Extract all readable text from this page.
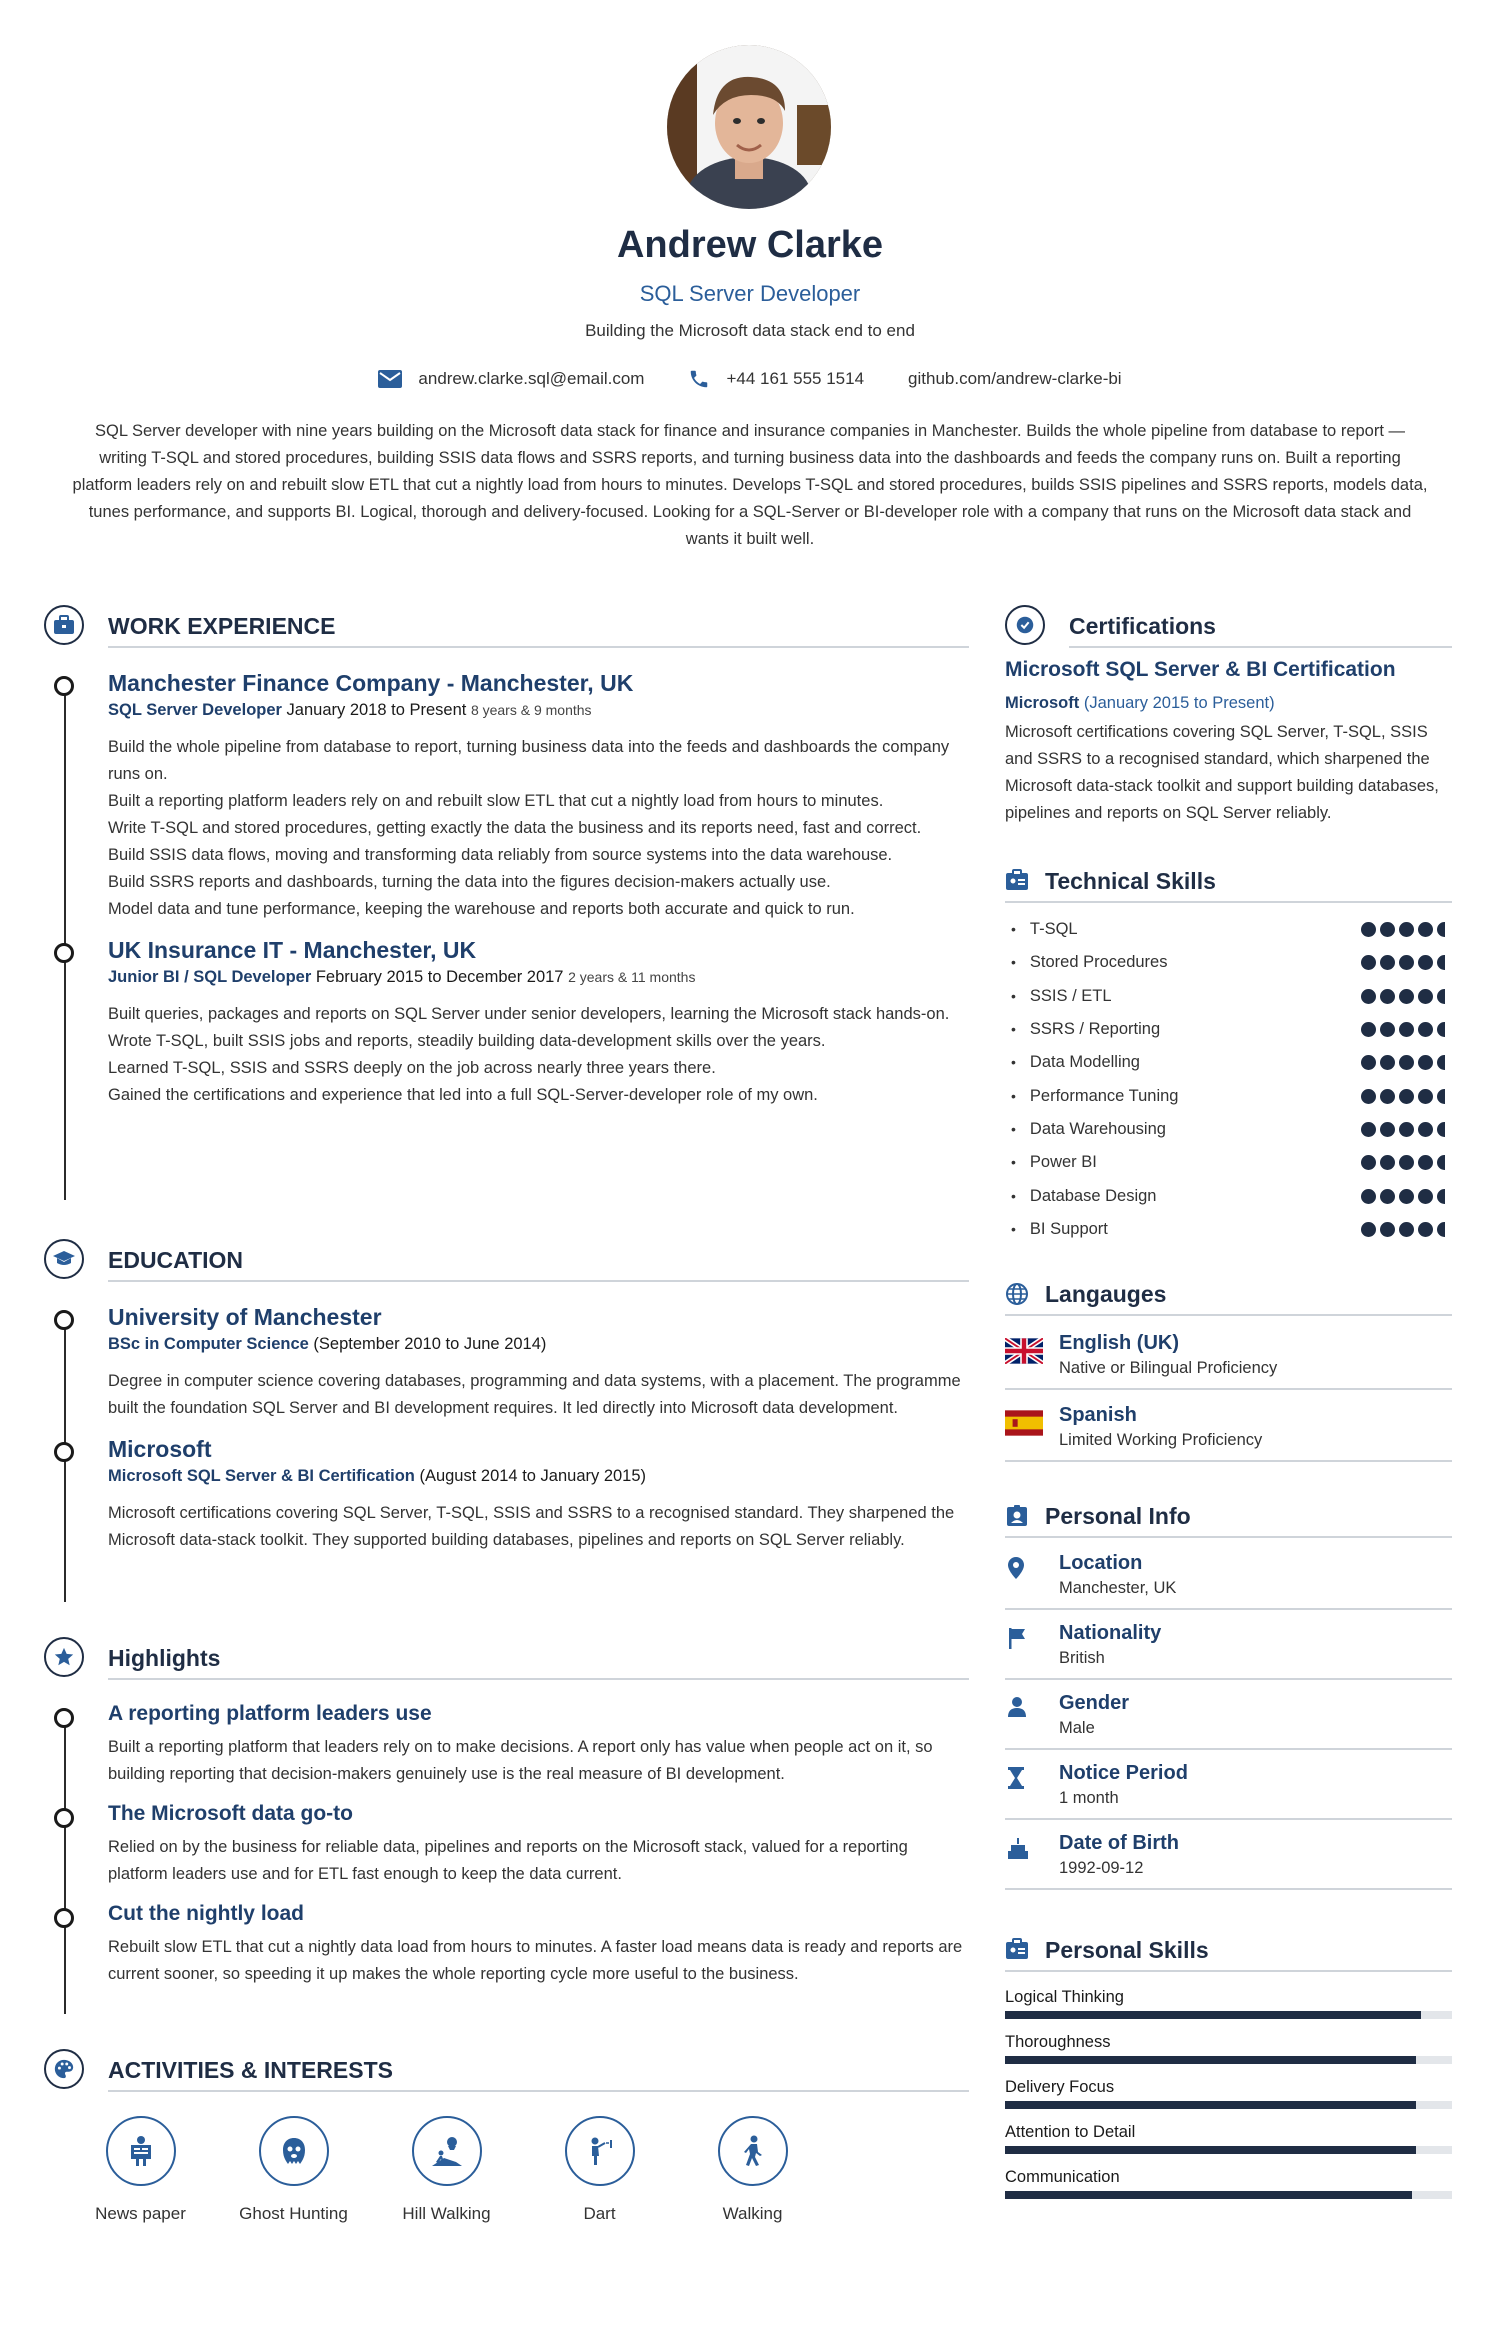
Andrew Clarke
SQL Server Developer
Building the Microsoft data stack end to end
andrew.clarke.sql@email.com	+44 161 555 1514	github.com/andrew-clarke-bi
SQL Server developer with nine years building on the Microsoft data stack for finance and insurance companies in Manchester. Builds the whole pipeline from database to report — writing T-SQL and stored procedures, building SSIS data flows and SSRS reports, and turning business data into the dashboards and feeds the company runs on. Built a reporting platform leaders rely on and rebuilt slow ETL that cut a nightly load from hours to minutes. Develops T-SQL and stored procedures, builds SSIS pipelines and SSRS reports, models data, tunes performance, and supports BI. Logical, thorough and delivery-focused. Looking for a SQL-Server or BI-developer role with a company that runs on the Microsoft data stack and wants it built well.
WORK EXPERIENCE
Manchester Finance Company - Manchester, UK
SQL Server Developer January 2018 to Present 8 years & 9 months

Build the whole pipeline from database to report, turning business data into the feeds and dashboards the company runs on.

Built a reporting platform leaders rely on and rebuilt slow ETL that cut a nightly load from hours to minutes.

Write T-SQL and stored procedures, getting exactly the data the business and its reports need, fast and correct.

Build SSIS data flows, moving and transforming data reliably from source systems into the data warehouse.

Build SSRS reports and dashboards, turning the data into the figures decision-makers actually use.

Model data and tune performance, keeping the warehouse and reports both accurate and quick to run.

UK Insurance IT - Manchester, UK
Junior BI / SQL Developer February 2015 to December 2017 2 years & 11 months

Built queries, packages and reports on SQL Server under senior developers, learning the Microsoft stack hands-on.

Wrote T-SQL, built SSIS jobs and reports, steadily building data-development skills over the years.

Learned T-SQL, SSIS and SSRS deeply on the job across nearly three years there.

Gained the certifications and experience that led into a full SQL-Server-developer role of my own.

EDUCATION
University of Manchester
BSc in Computer Science (September 2010 to June 2014)
Degree in computer science covering databases, programming and data systems, with a placement. The programme built the foundation SQL Server and BI development requires. It led directly into Microsoft data development.
Microsoft
Microsoft SQL Server & BI Certification (August 2014 to January 2015)
Microsoft certifications covering SQL Server, T-SQL, SSIS and SSRS to a recognised standard. They sharpened the Microsoft data-stack toolkit. They supported building databases, pipelines and reports on SQL Server reliably.
Highlights
A reporting platform leaders use
Built a reporting platform that leaders rely on to make decisions. A report only has value when people act on it, so building reporting that decision-makers genuinely use is the real measure of BI development.
The Microsoft data go-to
Relied on by the business for reliable data, pipelines and reports on the Microsoft stack, valued for a reporting platform leaders use and for ETL fast enough to keep the data current.
Cut the nightly load
Rebuilt slow ETL that cut a nightly data load from hours to minutes. A faster load means data is ready and reports are current sooner, so speeding it up makes the whole reporting cycle more useful to the business.
ACTIVITIES & INTERESTS
News paper	Ghost Hunting	Hill Walking	Dart	Walking
Certifications
Microsoft SQL Server & BI Certification
Microsoft (January 2015 to Present)
Microsoft certifications covering SQL Server, T-SQL, SSIS and SSRS to a recognised standard, which sharpened the Microsoft data-stack toolkit and support building databases, pipelines and reports on SQL Server reliably.
Technical Skills
• T-SQL
• Stored Procedures
• SSIS / ETL
• SSRS / Reporting
• Data Modelling
• Performance Tuning
• Data Warehousing
• Power BI
• Database Design
• BI Support
Langauges
English (UK)
Native or Bilingual Proficiency
Spanish
Limited Working Proficiency
Personal Info
Location
Manchester, UK
Nationality
British
Gender
Male
Notice Period
1 month
Date of Birth
1992-09-12
Personal Skills
Logical Thinking
Thoroughness
Delivery Focus
Attention to Detail
Communication
